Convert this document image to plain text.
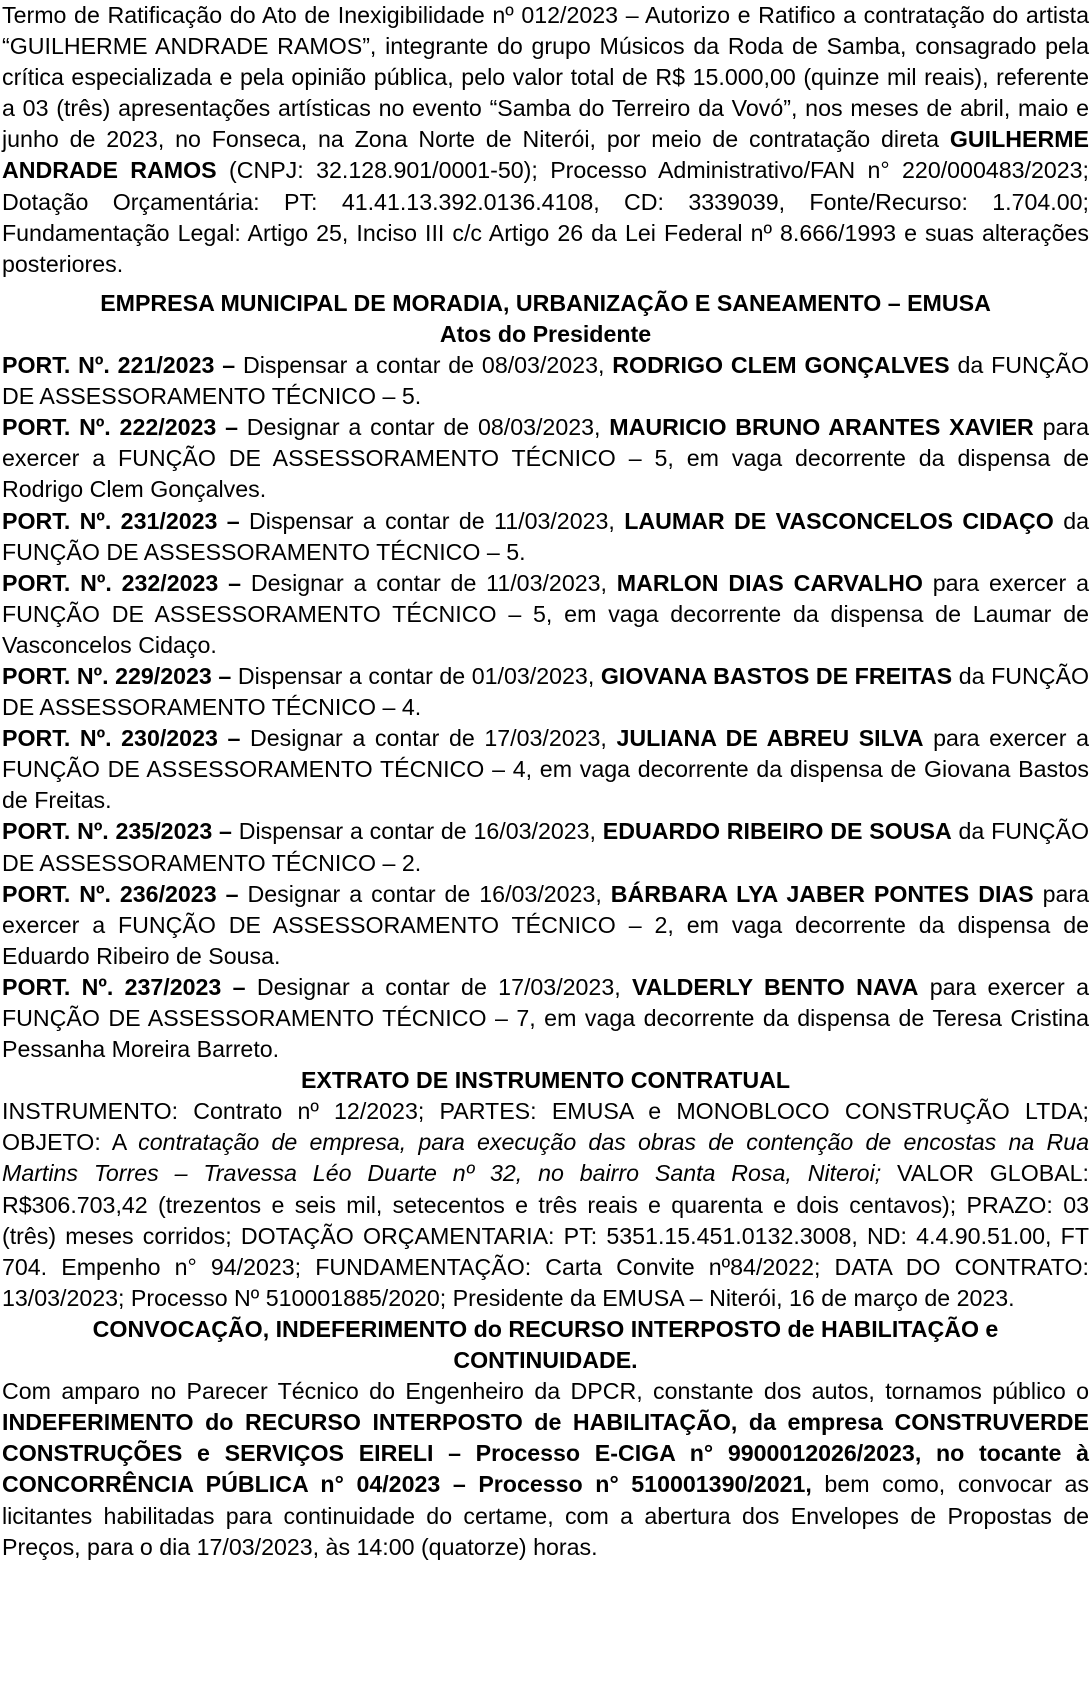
Termo de Ratificação do Ato de Inexigibilidade nº 012/2023 – Autorizo e Ratifico a contratação do artista “GUILHERME ANDRADE RAMOS”, integrante do grupo Músicos da Roda de Samba, consagrado pela crítica especializada e pela opinião pública, pelo valor total de R$ 15.000,00 (quinze mil reais), referente a 03 (três) apresentações artísticas no evento “Samba do Terreiro da Vovó”, nos meses de abril, maio e junho de 2023, no Fonseca, na Zona Norte de Niterói, por meio de contratação direta GUILHERME ANDRADE RAMOS (CNPJ: 32.128.901/0001-50); Processo Administrativo/FAN n° 220/000483/2023; Dotação Orçamentária: PT: 41.41.13.392.0136.4108, CD: 3339039, Fonte/Recurso: 1.704.00; Fundamentação Legal: Artigo 25, Inciso III c/c Artigo 26 da Lei Federal nº 8.666/1993 e suas alterações posteriores.

EMPRESA MUNICIPAL DE MORADIA, URBANIZAÇÃO E SANEAMENTO – EMUSA

Atos do Presidente

PORT. Nº. 221/2023 – Dispensar a contar de 08/03/2023, RODRIGO CLEM GONÇALVES da FUNÇÃO DE ASSESSORAMENTO TÉCNICO – 5.

PORT. Nº. 222/2023 – Designar a contar de 08/03/2023, MAURICIO BRUNO ARANTES XAVIER para exercer a FUNÇÃO DE ASSESSORAMENTO TÉCNICO – 5, em vaga decorrente da dispensa de Rodrigo Clem Gonçalves.

PORT. Nº. 231/2023 – Dispensar a contar de 11/03/2023, LAUMAR DE VASCONCELOS CIDAÇO da FUNÇÃO DE ASSESSORAMENTO TÉCNICO – 5.

PORT. Nº. 232/2023 – Designar a contar de 11/03/2023, MARLON DIAS CARVALHO para exercer a FUNÇÃO DE ASSESSORAMENTO TÉCNICO – 5, em vaga decorrente da dispensa de Laumar de Vasconcelos Cidaço.

PORT. Nº. 229/2023 – Dispensar a contar de 01/03/2023, GIOVANA BASTOS DE FREITAS da FUNÇÃO DE ASSESSORAMENTO TÉCNICO – 4.

PORT. Nº. 230/2023 – Designar a contar de 17/03/2023, JULIANA DE ABREU SILVA para exercer a FUNÇÃO DE ASSESSORAMENTO TÉCNICO – 4, em vaga decorrente da dispensa de Giovana Bastos de Freitas.

PORT. Nº. 235/2023 – Dispensar a contar de 16/03/2023, EDUARDO RIBEIRO DE SOUSA da FUNÇÃO DE ASSESSORAMENTO TÉCNICO – 2.

PORT. Nº. 236/2023 – Designar a contar de 16/03/2023, BÁRBARA LYA JABER PONTES DIAS para exercer a FUNÇÃO DE ASSESSORAMENTO TÉCNICO – 2, em vaga decorrente da dispensa de Eduardo Ribeiro de Sousa.

PORT. Nº. 237/2023 – Designar a contar de 17/03/2023, VALDERLY BENTO NAVA para exercer a FUNÇÃO DE ASSESSORAMENTO TÉCNICO – 7, em vaga decorrente da dispensa de Teresa Cristina Pessanha Moreira Barreto.

EXTRATO DE INSTRUMENTO CONTRATUAL

INSTRUMENTO: Contrato nº 12/2023; PARTES: EMUSA e MONOBLOCO CONSTRUÇÃO LTDA; OBJETO: A contratação de empresa, para execução das obras de contenção de encostas na Rua Martins Torres – Travessa Léo Duarte nº 32, no bairro Santa Rosa, Niteroi; VALOR GLOBAL: R$306.703,42 (trezentos e seis mil, setecentos e três reais e quarenta e dois centavos); PRAZO: 03 (três) meses corridos; DOTAÇÃO ORÇAMENTARIA: PT: 5351.15.451.0132.3008, ND: 4.4.90.51.00, FT 704. Empenho n° 94/2023; FUNDAMENTAÇÃO: Carta Convite nº84/2022; DATA DO CONTRATO: 13/03/2023; Processo Nº 510001885/2020; Presidente da EMUSA – Niterói, 16 de março de 2023.

CONVOCAÇÃO, INDEFERIMENTO do RECURSO INTERPOSTO de HABILITAÇÃO e CONTINUIDADE.

Com amparo no Parecer Técnico do Engenheiro da DPCR, constante dos autos, tornamos público o INDEFERIMENTO do RECURSO INTERPOSTO de HABILITAÇÃO, da empresa CONSTRUVERDE CONSTRUÇÕES e SERVIÇOS EIRELI – Processo E-CIGA n° 9900012026/2023, no tocante à CONCORRÊNCIA PÚBLICA n° 04/2023 – Processo n° 510001390/2021, bem como, convocar as licitantes habilitadas para continuidade do certame, com a abertura dos Envelopes de Propostas de Preços, para o dia 17/03/2023, às 14:00 (quatorze) horas.
